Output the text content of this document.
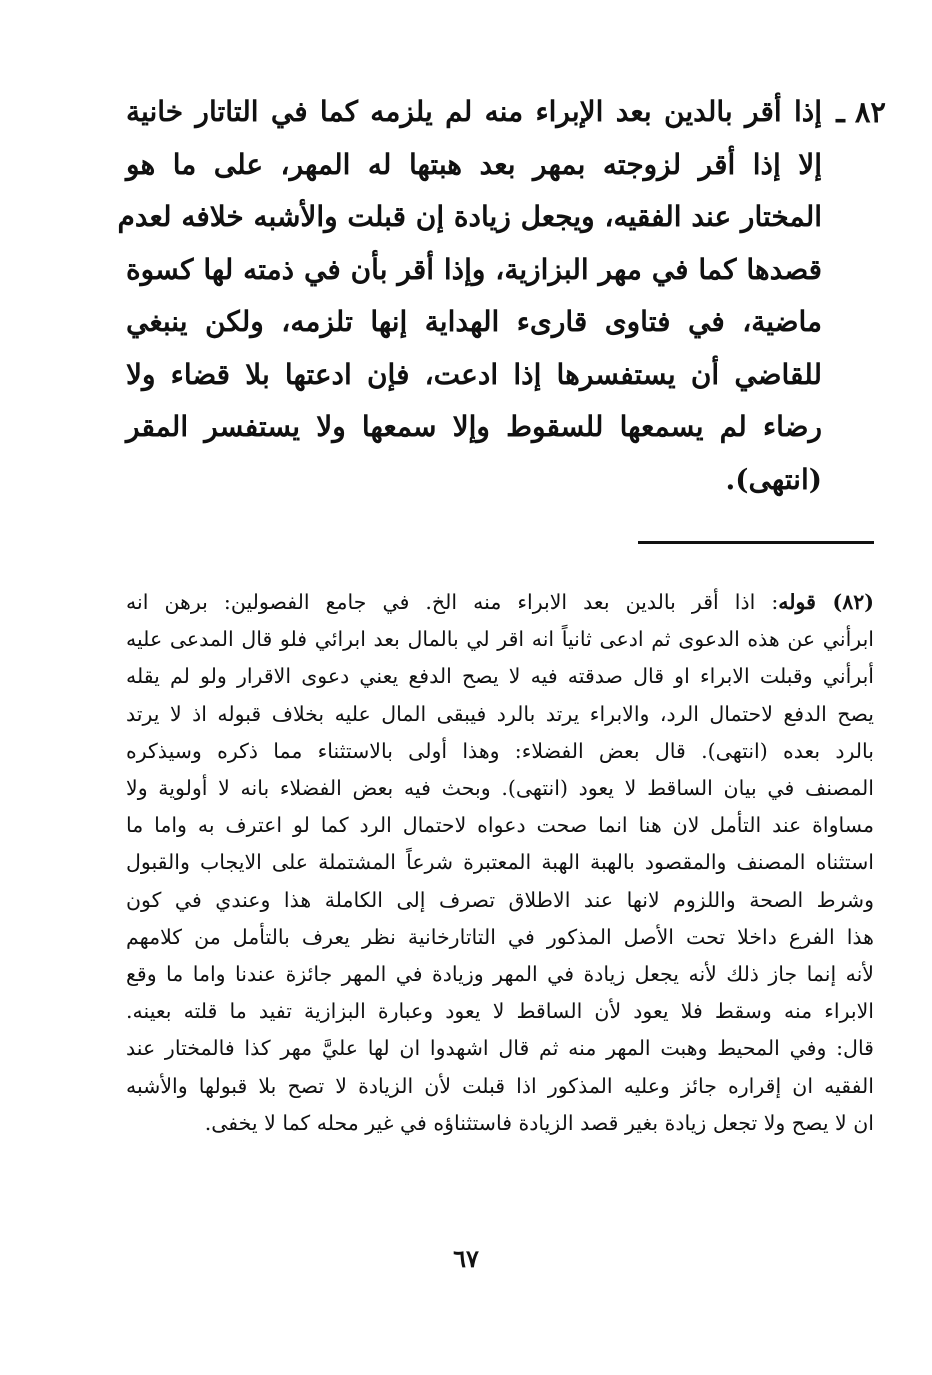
٨٢ ـ
إذا أقر بالدين بعد الإبراء منه لم يلزمه كما في التاتار خانية
إلا إذا أقر لزوجته بمهر بعد هبتها له المهر، على ما هو
المختار عند الفقيه، ويجعل زيادة إن قبلت والأشبه خلافه لعدم
قصدها كما في مهر البزازية، وإذا أقر بأن في ذمته لها كسوة
ماضية، في فتاوى قارىء الهداية إنها تلزمه، ولكن ينبغي
للقاضي أن يستفسرها إذا ادعت، فإن ادعتها بلا قضاء ولا
رضاء لم يسمعها للسقوط وإلا سمعها ولا يستفسر المقر
(انتهى).
(٨٢) قوله: اذا أقر بالدين بعد الابراء منه الخ. في جامع الفصولين: برهن انه
ابرأني عن هذه الدعوى ثم ادعى ثانياً انه اقر لي بالمال بعد ابرائي فلو قال المدعى عليه
أبرأني وقبلت الابراء او قال صدقته فيه لا يصح الدفع يعني دعوى الاقرار ولو لم يقله
يصح الدفع لاحتمال الرد، والابراء يرتد بالرد فيبقى المال عليه بخلاف قبوله اذ لا يرتد
بالرد بعده (انتهى). قال بعض الفضلاء: وهذا أولى بالاستثناء مما ذكره وسيذكره
المصنف في بيان الساقط لا يعود (انتهى). وبحث فيه بعض الفضلاء بانه لا أولوية ولا
مساواة عند التأمل لان هنا انما صحت دعواه لاحتمال الرد كما لو اعترف به واما ما
استثناه المصنف والمقصود بالهبة الهبة المعتبرة شرعاً المشتملة على الايجاب والقبول
وشرط الصحة واللزوم لانها عند الاطلاق تصرف إلى الكاملة هذا وعندي في كون
هذا الفرع داخلا تحت الأصل المذكور في التاتارخانية نظر يعرف بالتأمل من كلامهم
لأنه إنما جاز ذلك لأنه يجعل زيادة في المهر وزيادة في المهر جائزة عندنا واما ما وقع
الابراء منه وسقط فلا يعود لأن الساقط لا يعود وعبارة البزازية تفيد ما قلته بعينه.
قال: وفي المحيط وهبت المهر منه ثم قال اشهدوا ان لها عليَّ مهر كذا فالمختار عند
الفقيه ان إقراره جائز وعليه المذكور اذا قبلت لأن الزيادة لا تصح بلا قبولها والأشبه
ان لا يصح ولا تجعل زيادة بغير قصد الزيادة فاستثناؤه في غير محله كما لا يخفى.
٦٧
